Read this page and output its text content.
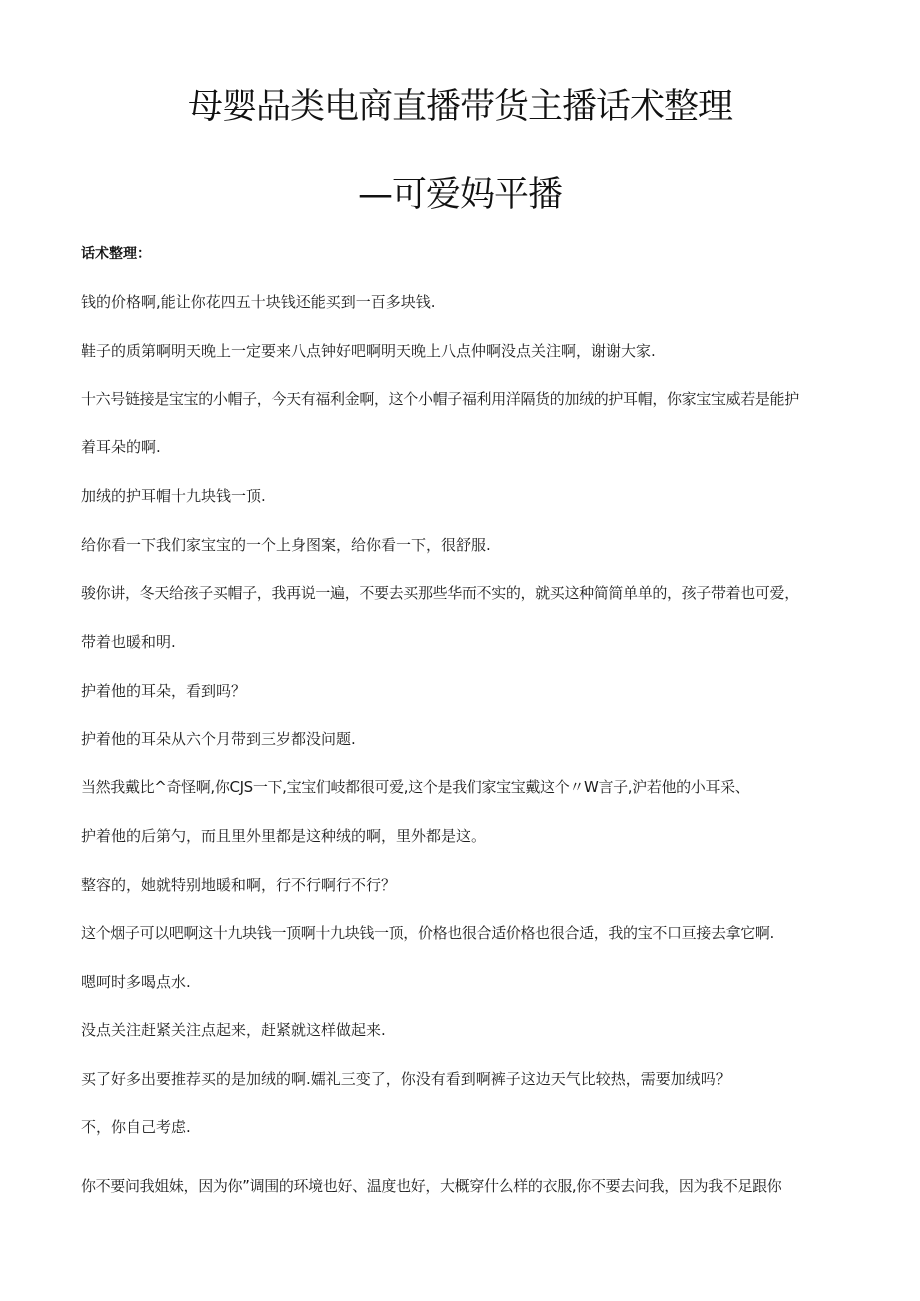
母婴品类电商直播带货主播话术整理
—可爱妈平播
话术整理：
钱的价格啊,能让你花四五十块钱还能买到一百多块钱.
鞋子的质第啊明天晚上一定要来八点钟好吧啊明天晚上八点仲啊没点关注啊，谢谢大家.
十六号链接是宝宝的小帽子，今天有福利金啊，这个小帽子福利用洋隔货的加绒的护耳帽，你家宝宝威若是能护
着耳朵的啊.
加绒的护耳帽十九块钱一顶.
给你看一下我们家宝宝的一个上身图案，给你看一下，很舒服.
骏你讲，冬天给孩子买帽子，我再说一遍，不要去买那些华而不实的，就买这种简简单单的，孩子带着也可爱，
带着也暖和明.
护着他的耳朵，看到吗？
护着他的耳朵从六个月带到三岁都没问题.
当然我戴比^奇怪啊,你CJS一下,宝宝们岐都很可爱,这个是我们家宝宝戴这个〃W言子,沪若他的小耳采、
护着他的后第勺，而且里外里都是这种绒的啊，里外都是这。
整容的，她就特别地暖和啊，行不行啊行不行？
这个烟子可以吧啊这十九块钱一顶啊十九块钱一顶，价格也很合适价格也很合适，我的宝不口亘接去拿它啊.
嗯呵时多喝点水.
没点关注赶紧关注点起来，赶紧就这样做起来.
买了好多出要推荐买的是加绒的啊.嬬礼三变了，你没有看到啊裤子这边天气比较热，需要加绒吗？
不，你自己考虑.
你不要问我姐妹，因为你”调围的环境也好、温度也好，大概穿什么样的衣服,你不要去问我，因为我不足跟你
